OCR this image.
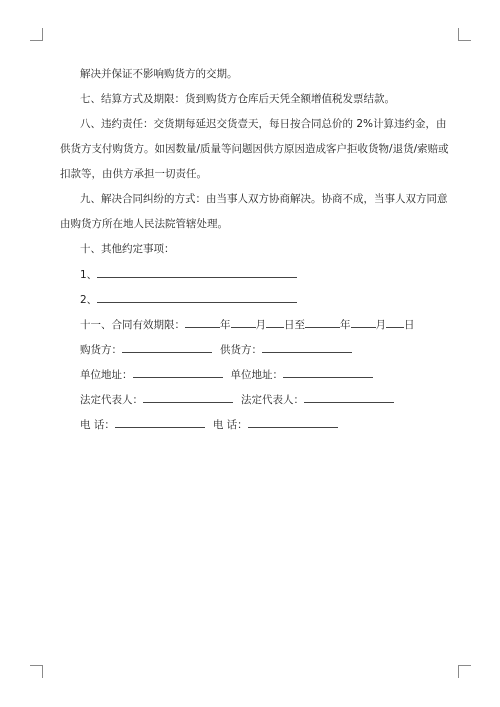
解决并保证不影响购货方的交期。
七、结算方式及期限：货到购货方仓库后天凭全额增值税发票结款。
八、违约责任：交货期每延迟交货壹天，每日按合同总价的 2%计算违约金，由
供货方支付购货方。如因数量/质量等问题因供方原因造成客户拒收货物/退货/索赔或
扣款等，由供方承担一切责任。
九、解决合同纠纷的方式：由当事人双方协商解决。协商不成，当事人双方同意
由购货方所在地人民法院管辖处理。
十、其他约定事项：
1、
2、
十一、合同有效期限：	年 月 日至	年 月 日
购货方：	供货方：
单位地址：	单位地址：
法定代表人：	法定代表人：
电 话：	电 话：
